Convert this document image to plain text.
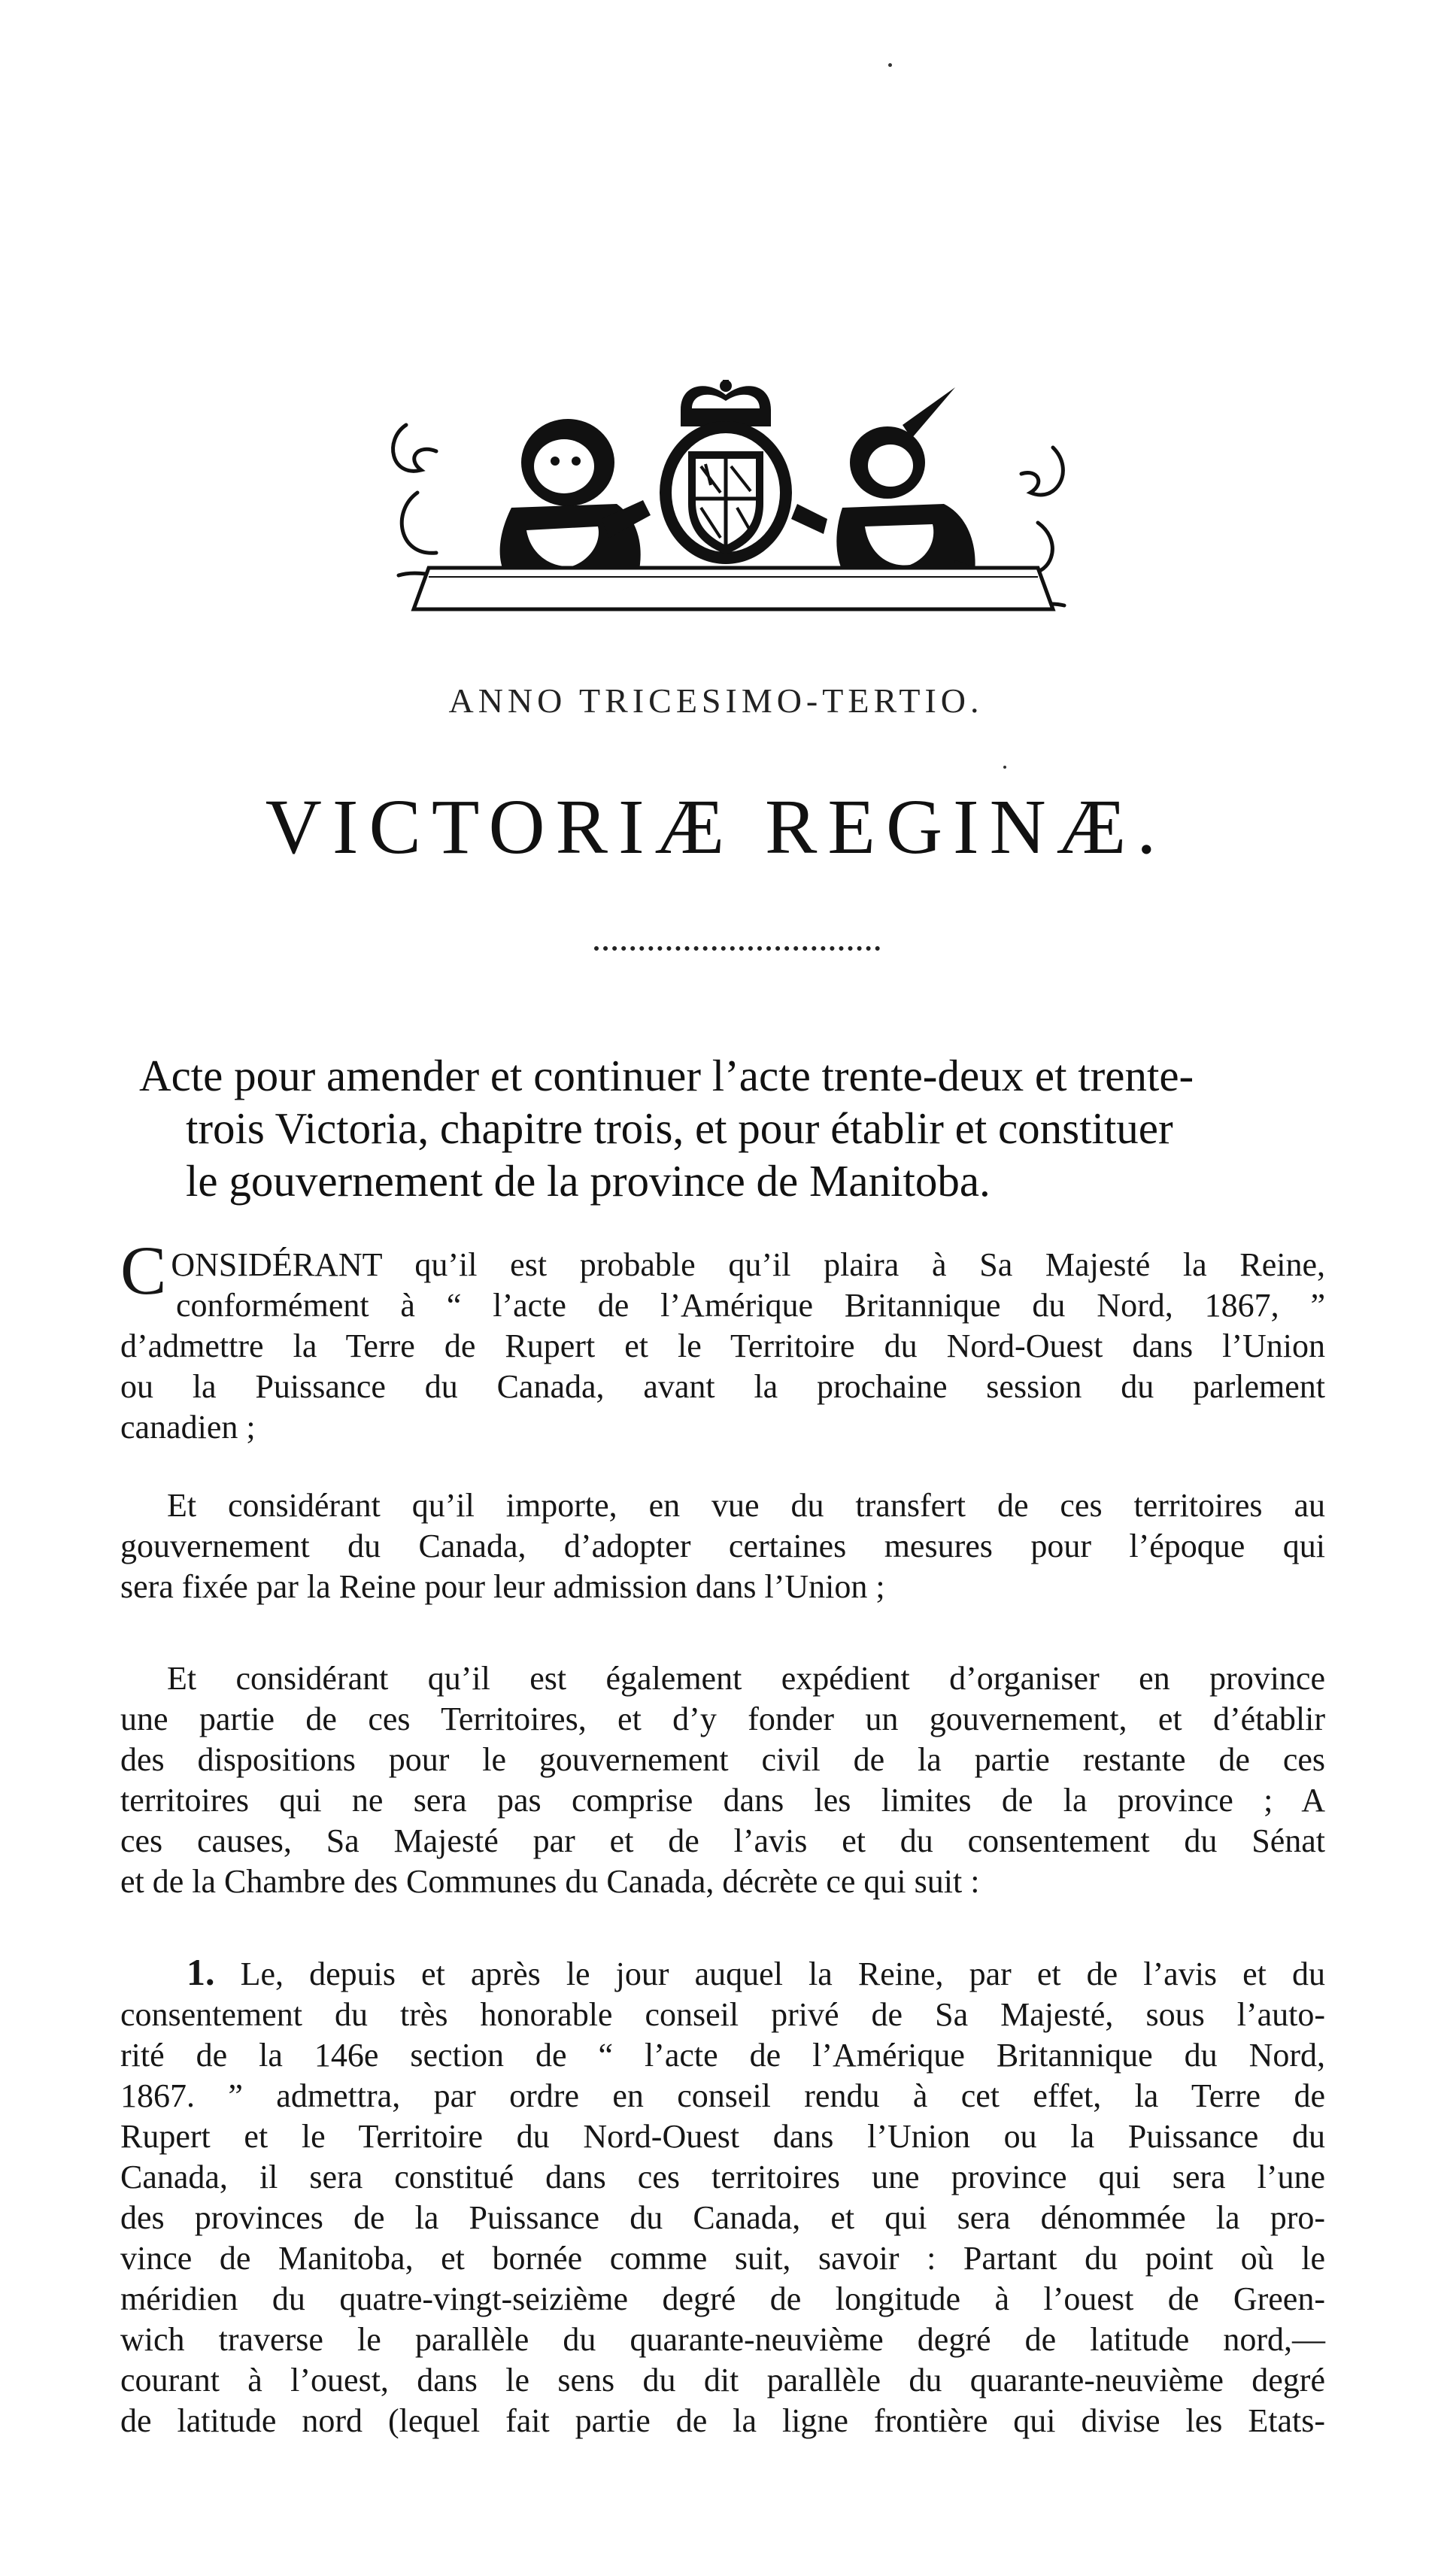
ANNO TRICESIMO-TERTIO.
VICTORIÆ REGINÆ.
Acte pour amender et continuer l’acte trente-deux et trente-
trois Victoria, chapitre trois, et pour établir et constituer
le gouvernement de la province de Manitoba.
CONSIDÉRANT qu’il est probable qu’il plaira à Sa Majesté la Reine,
conformément à “ l’acte de l’Amérique Britannique du Nord, 1867, ”
d’admettre la Terre de Rupert et le Territoire du Nord-Ouest dans l’Union
ou la Puissance du Canada, avant la prochaine session du parlement
canadien ;
Et considérant qu’il importe, en vue du transfert de ces territoires au
gouvernement du Canada, d’adopter certaines mesures pour l’époque qui
sera fixée par la Reine pour leur admission dans l’Union ;
Et considérant qu’il est également expédient d’organiser en province
une partie de ces Territoires, et d’y fonder un gouvernement, et d’établir
des dispositions pour le gouvernement civil de la partie restante de ces
territoires qui ne sera pas comprise dans les limites de la province ; A
ces causes, Sa Majesté par et de l’avis et du consentement du Sénat
et de la Chambre des Communes du Canada, décrète ce qui suit :
1. Le, depuis et après le jour auquel la Reine, par et de l’avis et du
consentement du très honorable conseil privé de Sa Majesté, sous l’auto-
rité de la 146e section de “ l’acte de l’Amérique Britannique du Nord,
1867. ” admettra, par ordre en conseil rendu à cet effet, la Terre de
Rupert et le Territoire du Nord-Ouest dans l’Union ou la Puissance du
Canada, il sera constitué dans ces territoires une province qui sera l’une
des provinces de la Puissance du Canada, et qui sera dénommée la pro-
vince de Manitoba, et bornée comme suit, savoir : Partant du point où le
méridien du quatre-vingt-seizième degré de longitude à l’ouest de Green-
wich traverse le parallèle du quarante-neuvième degré de latitude nord,—
courant à l’ouest, dans le sens du dit parallèle du quarante-neuvième degré
de latitude nord (lequel fait partie de la ligne frontière qui divise les Etats-
